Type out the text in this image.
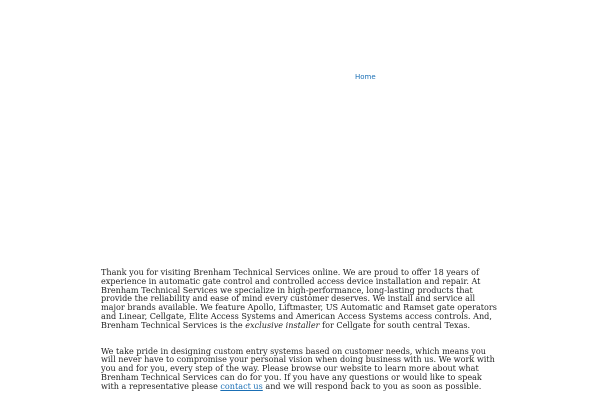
Home

Thank you for visiting Brenham Technical Services online. We are proud to offer 18 years of experience in automatic gate control and controlled access device installation and repair. At Brenham Technical Services we specialize in high-performance, long-lasting products that provide the reliability and ease of mind every customer deserves. We install and service all major brands available. We feature Apollo, Liftmaster, US Automatic and Ramset gate operators and Linear, Cellgate, Elite Access Systems and American Access Systems access controls. And, Brenham Technical Services is the exclusive installer for Cellgate for south central Texas.

We take pride in designing custom entry systems based on customer needs, which means you will never have to compromise your personal vision when doing business with us. We work with you and for you, every step of the way. Please browse our website to learn more about what Brenham Technical Services can do for you. If you have any questions or would like to speak with a representative please contact us and we will respond back to you as soon as possible.
